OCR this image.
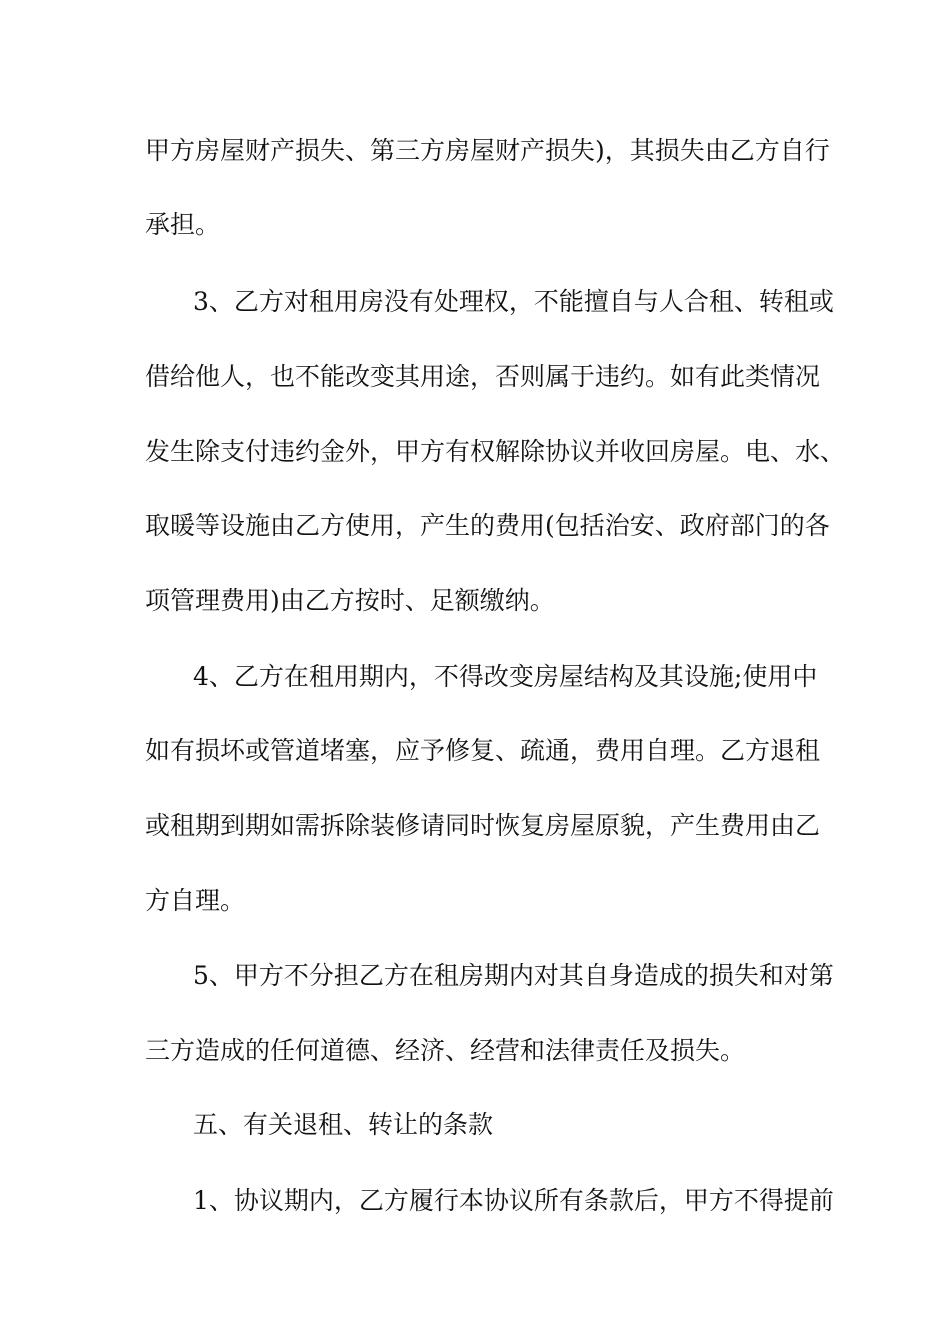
甲方房屋财产损失、第三方房屋财产损失)，其损失由乙方自行
承担。
3、乙方对租用房没有处理权，不能擅自与人合租、转租或
借给他人，也不能改变其用途，否则属于违约。如有此类情况
发生除支付违约金外，甲方有权解除协议并收回房屋。电、水、
取暖等设施由乙方使用，产生的费用(包括治安、政府部门的各
项管理费用)由乙方按时、足额缴纳。
4、乙方在租用期内，不得改变房屋结构及其设施;使用中
如有损坏或管道堵塞，应予修复、疏通，费用自理。乙方退租
或租期到期如需拆除装修请同时恢复房屋原貌，产生费用由乙
方自理。
5、甲方不分担乙方在租房期内对其自身造成的损失和对第
三方造成的任何道德、经济、经营和法律责任及损失。
五、有关退租、转让的条款
1、协议期内，乙方履行本协议所有条款后，甲方不得提前
